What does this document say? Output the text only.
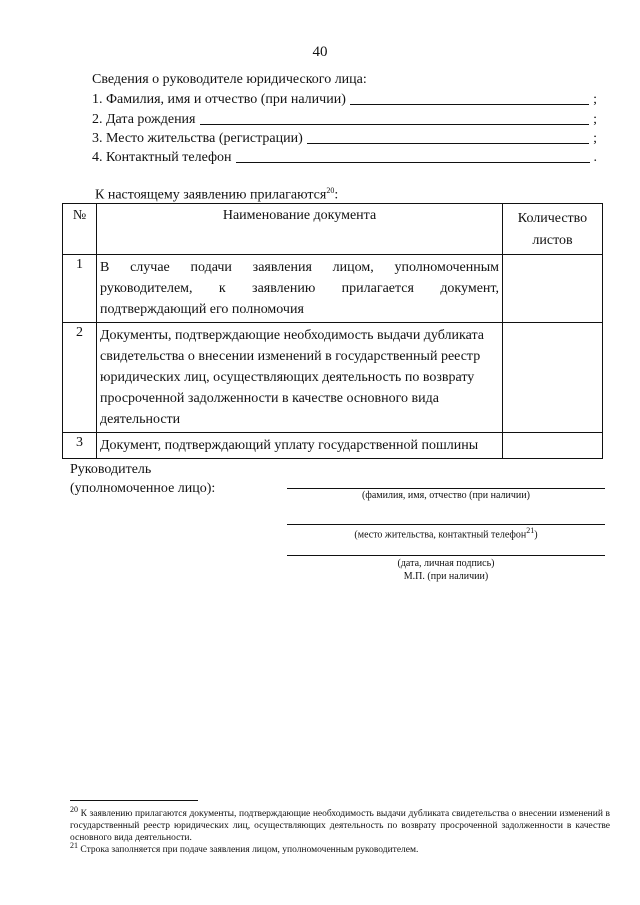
40
Сведения о руководителе юридического лица:
1. Фамилия, имя и отчество (при наличии)	;
2. Дата рождения	;
3. Место жительства (регистрации)	;
4. Контактный телефон	.
К настоящему заявлению прилагаются$^{20}$:
№	Наименование документа	Количество листов
1	В случае подачи заявления лицом, уполномоченным руководителем, к заявлению прилагается документ, подтверждающий его полномочия	
2	Документы, подтверждающие необходимость выдачи дубликата свидетельства о внесении изменений в государственный реестр юридических лиц, осуществляющих деятельность по возврату просроченной задолженности в качестве основного вида деятельности	
3	Документ, подтверждающий уплату государственной пошлины	
Руководитель
(уполномоченное лицо):	(фамилия, имя, отчество (при наличии)
(место жительства, контактный телефон$^{21}$)
(дата, личная подпись)
М.П. (при наличии)
$^{20}$ К заявлению прилагаются документы, подтверждающие необходимость выдачи дубликата свидетельства о внесении изменений в государственный реестр юридических лиц, осуществляющих деятельность по возврату просроченной задолженности в качестве основного вида деятельности.
$^{21}$ Строка заполняется при подаче заявления лицом, уполномоченным руководителем.
